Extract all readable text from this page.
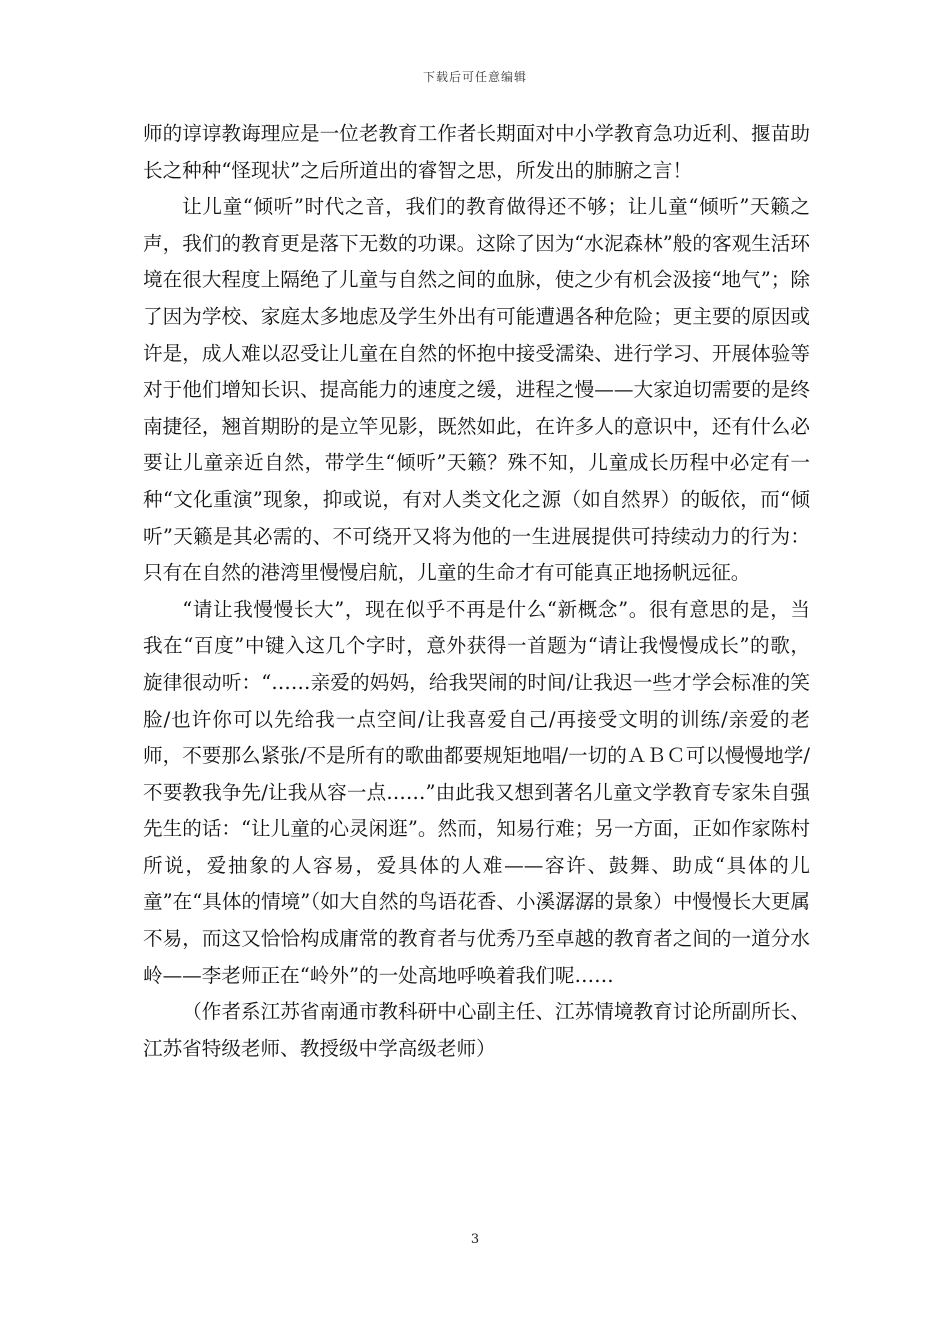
下载后可任意编辑

师的谆谆教诲理应是一位老教育工作者长期面对中小学教育急功近利、揠苗助长之种种“怪现状”之后所道出的睿智之思，所发出的肺腑之言！

让儿童“倾听”时代之音，我们的教育做得还不够；让儿童“倾听”天籁之声，我们的教育更是落下无数的功课。这除了因为“水泥森林”般的客观生活环境在很大程度上隔绝了儿童与自然之间的血脉，使之少有机会汲接“地气”；除了因为学校、家庭太多地虑及学生外出有可能遭遇各种危险；更主要的原因或许是，成人难以忍受让儿童在自然的怀抱中接受濡染、进行学习、开展体验等对于他们增知长识、提高能力的速度之缓，进程之慢——大家迫切需要的是终南捷径，翘首期盼的是立竿见影，既然如此，在许多人的意识中，还有什么必要让儿童亲近自然，带学生“倾听”天籁？殊不知，儿童成长历程中必定有一种“文化重演”现象，抑或说，有对人类文化之源（如自然界）的皈依，而“倾听”天籁是其必需的、不可绕开又将为他的一生进展提供可持续动力的行为：只有在自然的港湾里慢慢启航，儿童的生命才有可能真正地扬帆远征。

“请让我慢慢长大”，现在似乎不再是什么“新概念”。很有意思的是，当我在“百度”中键入这几个字时，意外获得一首题为“请让我慢慢成长”的歌，旋律很动听：“……亲爱的妈妈，给我哭闹的时间/让我迟一些才学会标准的笑脸/也许你可以先给我一点空间/让我喜爱自己/再接受文明的训练/亲爱的老师，不要那么紧张/不是所有的歌曲都要规矩地唱/一切的ＡＢＣ可以慢慢地学/不要教我争先/让我从容一点……”由此我又想到著名儿童文学教育专家朱自强先生的话：“让儿童的心灵闲逛”。然而，知易行难；另一方面，正如作家陈村所说，爱抽象的人容易，爱具体的人难——容许、鼓舞、助成“具体的儿童”在“具体的情境”（如大自然的鸟语花香、小溪潺潺的景象）中慢慢长大更属不易，而这又恰恰构成庸常的教育者与优秀乃至卓越的教育者之间的一道分水岭——李老师正在“岭外”的一处高地呼唤着我们呢……

（作者系江苏省南通市教科研中心副主任、江苏情境教育讨论所副所长、江苏省特级老师、教授级中学高级老师）

3
